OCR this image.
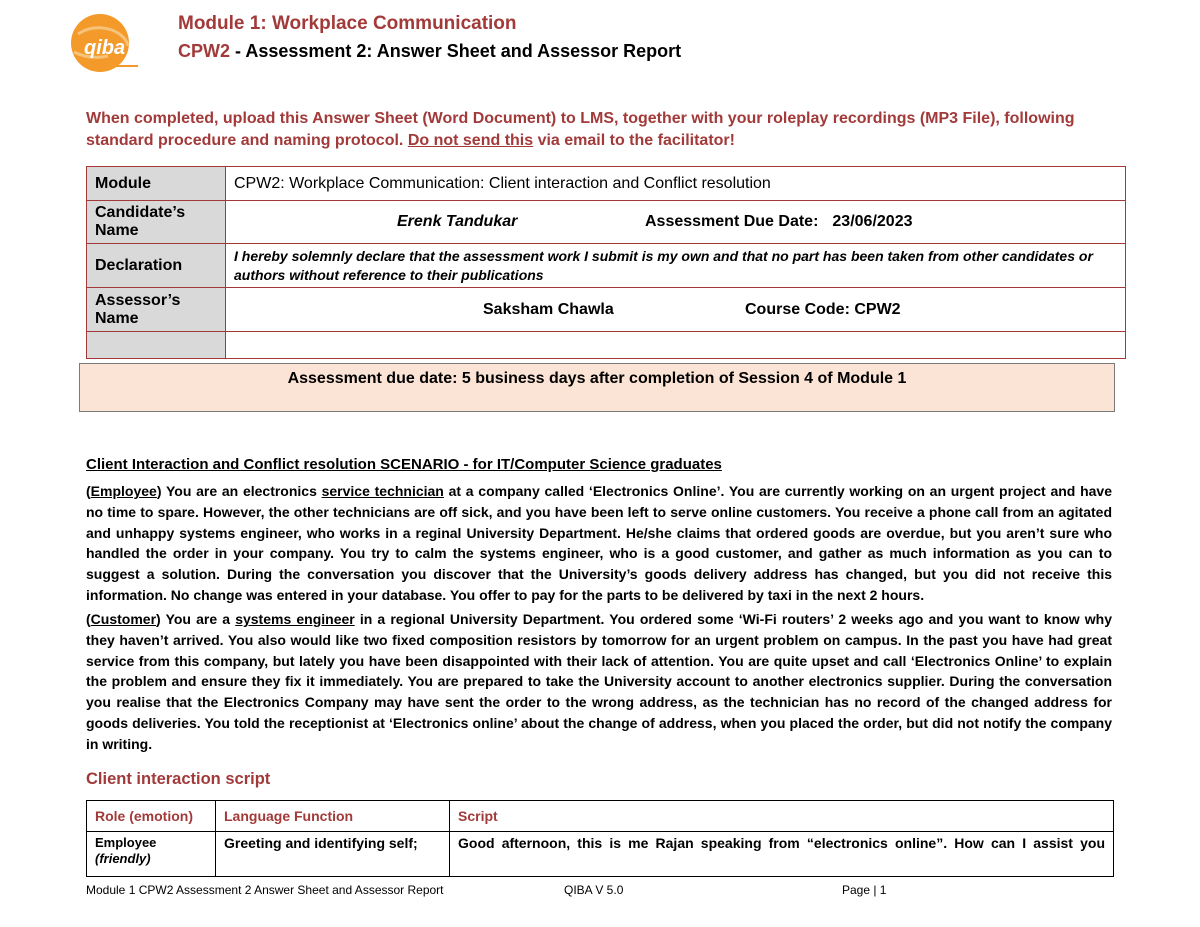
qiba
Module 1: Workplace Communication
CPW2 - Assessment 2: Answer Sheet and Assessor Report
When completed, upload this Answer Sheet (Word Document) to LMS, together with your roleplay recordings (MP3 File), following standard procedure and naming protocol. Do not send this via email to the facilitator!
Module	CPW2: Workplace Communication: Client interaction and Conflict resolution
Candidate’s Name	Erenk Tandukar Assessment Due Date: 23/06/2023

Declaration	I hereby solemnly declare that the assessment work I submit is my own and that no part has been taken from other candidates or authors without reference to their publications
Assessor’s Name	Saksham Chawla Course Code: CPW2

Assessment due date: 5 business days after completion of Session 4 of Module 1
Client Interaction and Conflict resolution SCENARIO - for IT/Computer Science graduates
(Employee) You are an electronics service technician at a company called ‘Electronics Online’. You are currently working on an urgent project and have no time to spare. However, the other technicians are off sick, and you have been left to serve online customers. You receive a phone call from an agitated and unhappy systems engineer, who works in a reginal University Department. He/she claims that ordered goods are overdue, but you aren’t sure who handled the order in your company. You try to calm the systems engineer, who is a good customer, and gather as much information as you can to suggest a solution. During the conversation you discover that the University’s goods delivery address has changed, but you did not receive this information. No change was entered in your database. You offer to pay for the parts to be delivered by taxi in the next 2 hours.
(Customer) You are a systems engineer in a regional University Department. You ordered some ‘Wi-Fi routers’ 2 weeks ago and you want to know why they haven’t arrived. You also would like two fixed composition resistors by tomorrow for an urgent problem on campus. In the past you have had great service from this company, but lately you have been disappointed with their lack of attention. You are quite upset and call ‘Electronics Online’ to explain the problem and ensure they fix it immediately. You are prepared to take the University account to another electronics supplier. During the conversation you realise that the Electronics Company may have sent the order to the wrong address, as the technician has no record of the changed address for goods deliveries. You told the receptionist at ‘Electronics online’ about the change of address, when you placed the order, but did not notify the company in writing.
Client interaction script
Role (emotion)	Language Function	Script

Employee
(friendly)	Greeting and identifying self;	Good afternoon, this is me Rajan speaking from “electronics online”. How can I assist you
Module 1 CPW2 Assessment 2 Answer Sheet and Assessor Report	QIBA V 5.0	Page | 1
